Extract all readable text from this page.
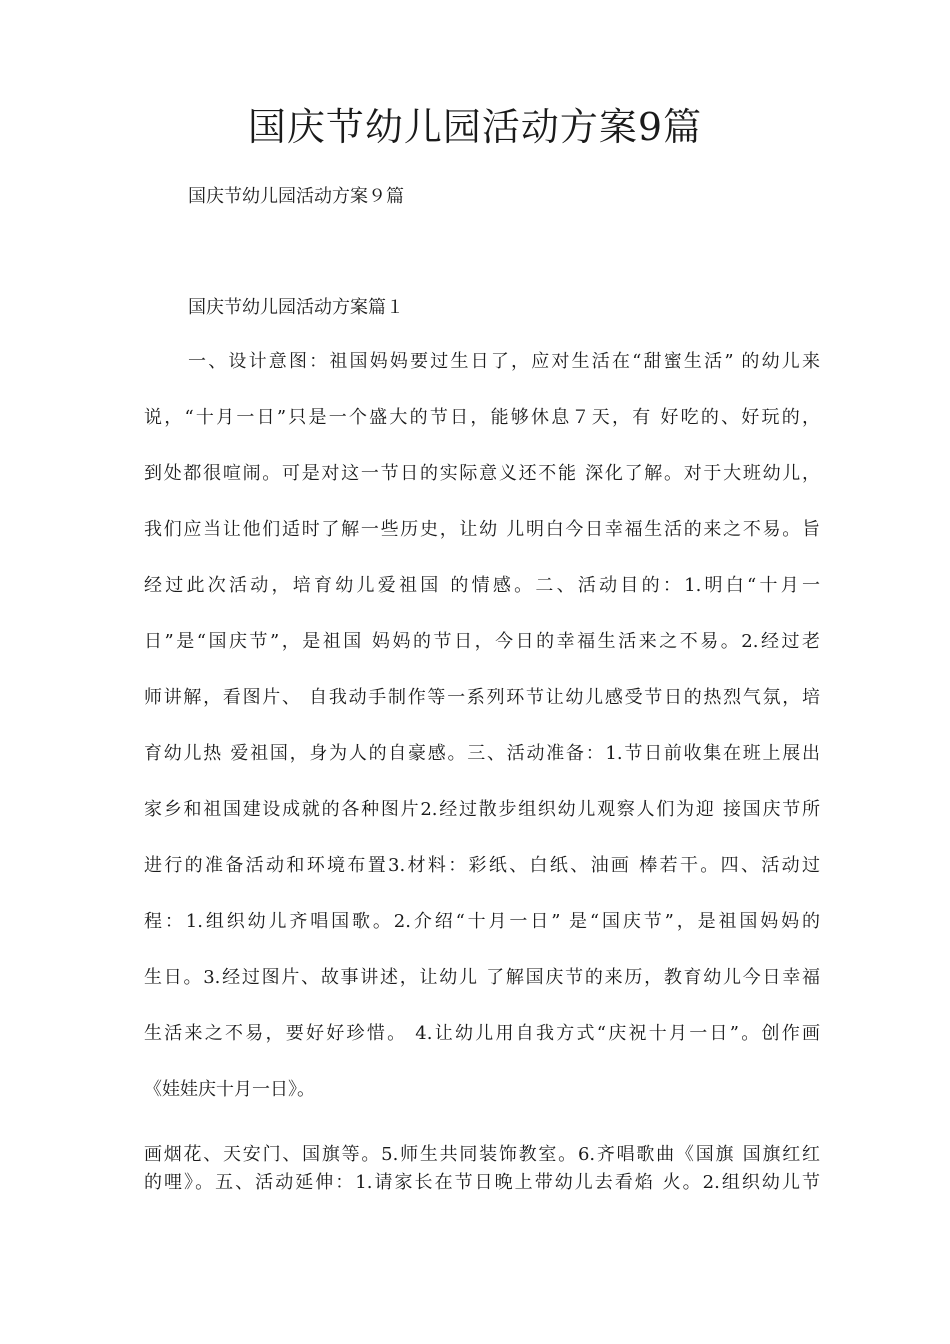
国庆节幼儿园活动方案9篇

国庆节幼儿园活动方案９篇

国庆节幼儿园活动方案篇１

一、设计意图：祖国妈妈要过生日了，应对生活在“甜蜜生活” 的幼儿来
说，“十月一日”只是一个盛大的节日，能够休息７天，有 好吃的、好玩的，
到处都很喧闹。可是对这一节日的实际意义还不能 深化了解。对于大班幼儿，
我们应当让他们适时了解一些历史，让幼 儿明白今日幸福生活的来之不易。旨
经过此次活动，培育幼儿爱祖国 的情感。二、活动目的：1.明白“十月一
日”是“国庆节”，是祖国 妈妈的节日，今日的幸福生活来之不易。2.经过老
师讲解，看图片、 自我动手制作等一系列环节让幼儿感受节日的热烈气氛，培
育幼儿热 爱祖国，身为人的自豪感。三、活动准备：1.节日前收集在班上展出
家乡和祖国建设成就的各种图片2.经过散步组织幼儿观察人们为迎 接国庆节所
进行的准备活动和环境布置3.材料：彩纸、白纸、油画 棒若干。四、活动过
程：1.组织幼儿齐唱国歌。2.介绍“十月一日” 是“国庆节”，是祖国妈妈的
生日。3.经过图片、故事讲述，让幼儿 了解国庆节的来历，教育幼儿今日幸福
生活来之不易，要好好珍惜。 4.让幼儿用自我方式“庆祝十月一日”。创作画
《娃娃庆十月一日》。
画烟花、天安门、国旗等。5.师生共同装饰教室。6.齐唱歌曲《国旗 国旗红红
的哩》。五、活动延伸：1.请家长在节日晚上带幼儿去看焰 火。2.组织幼儿节
